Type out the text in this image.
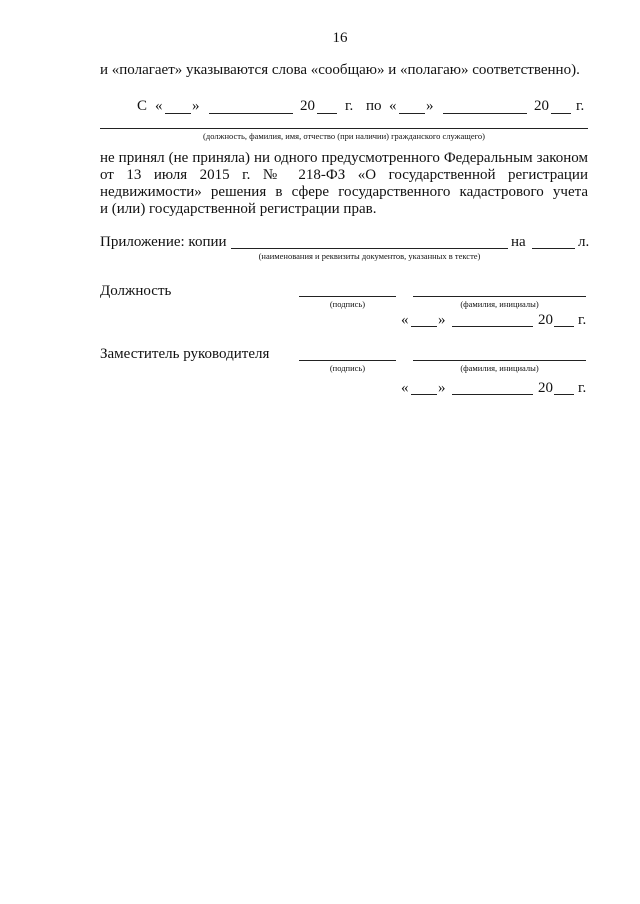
16
и «полагает» указываются слова «сообщаю» и «полагаю» соответственно).
С « »	20 г. по « »	20 г.
(должность, фамилия, имя, отчество (при наличии) гражданского служащего)
не принял (не приняла) ни одного предусмотренного Федеральным законом
от 13 июля 2015 г. № 218-ФЗ «О государственной регистрации
недвижимости» решения в сфере государственного кадастрового учета
и (или) государственной регистрации прав.
Приложение: копии	на	л.
(наименования и реквизиты документов, указанных в тексте)
Должность
(подпись)	(фамилия, инициалы)
« »	20 г.
Заместитель руководителя
(подпись)	(фамилия, инициалы)
« »	20 г.
